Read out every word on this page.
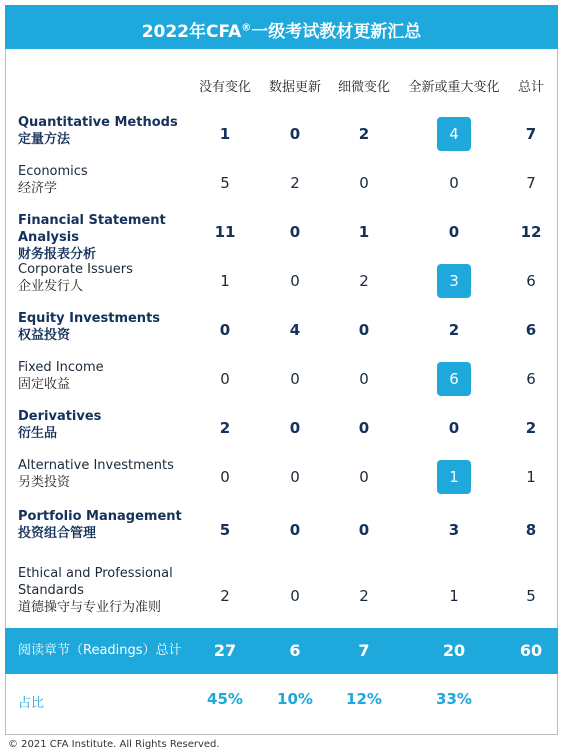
2022年CFA®一级考试教材更新汇总
没有变化	数据更新	细微变化	全新或重大变化	总计
Quantitative Methods
定量方法	1	0	2	4	7
Economics
经济学	5	2	0	0	7
Financial Statement Analysis
财务报表分析
11	0	1	0	12
Corporate Issuers
企业发行人	1	0	2	3	6
Equity Investments
权益投资	0	4	0	2	6
Fixed Income
固定收益	0	0	0	6	6
Derivatives
衍生品	2	0	0	0	2
Alternative Investments
另类投资	0	0	0	1	1
Portfolio Management
投资组合管理	5	0	0	3	8
Ethical and Professional Standards
道德操守与专业行为准则
2	0	2	1	5
阅读章节（Readings）总计	27	6	7	20	60
占比	45%	10%	12%	33%
© 2021 CFA Institute. All Rights Reserved.
